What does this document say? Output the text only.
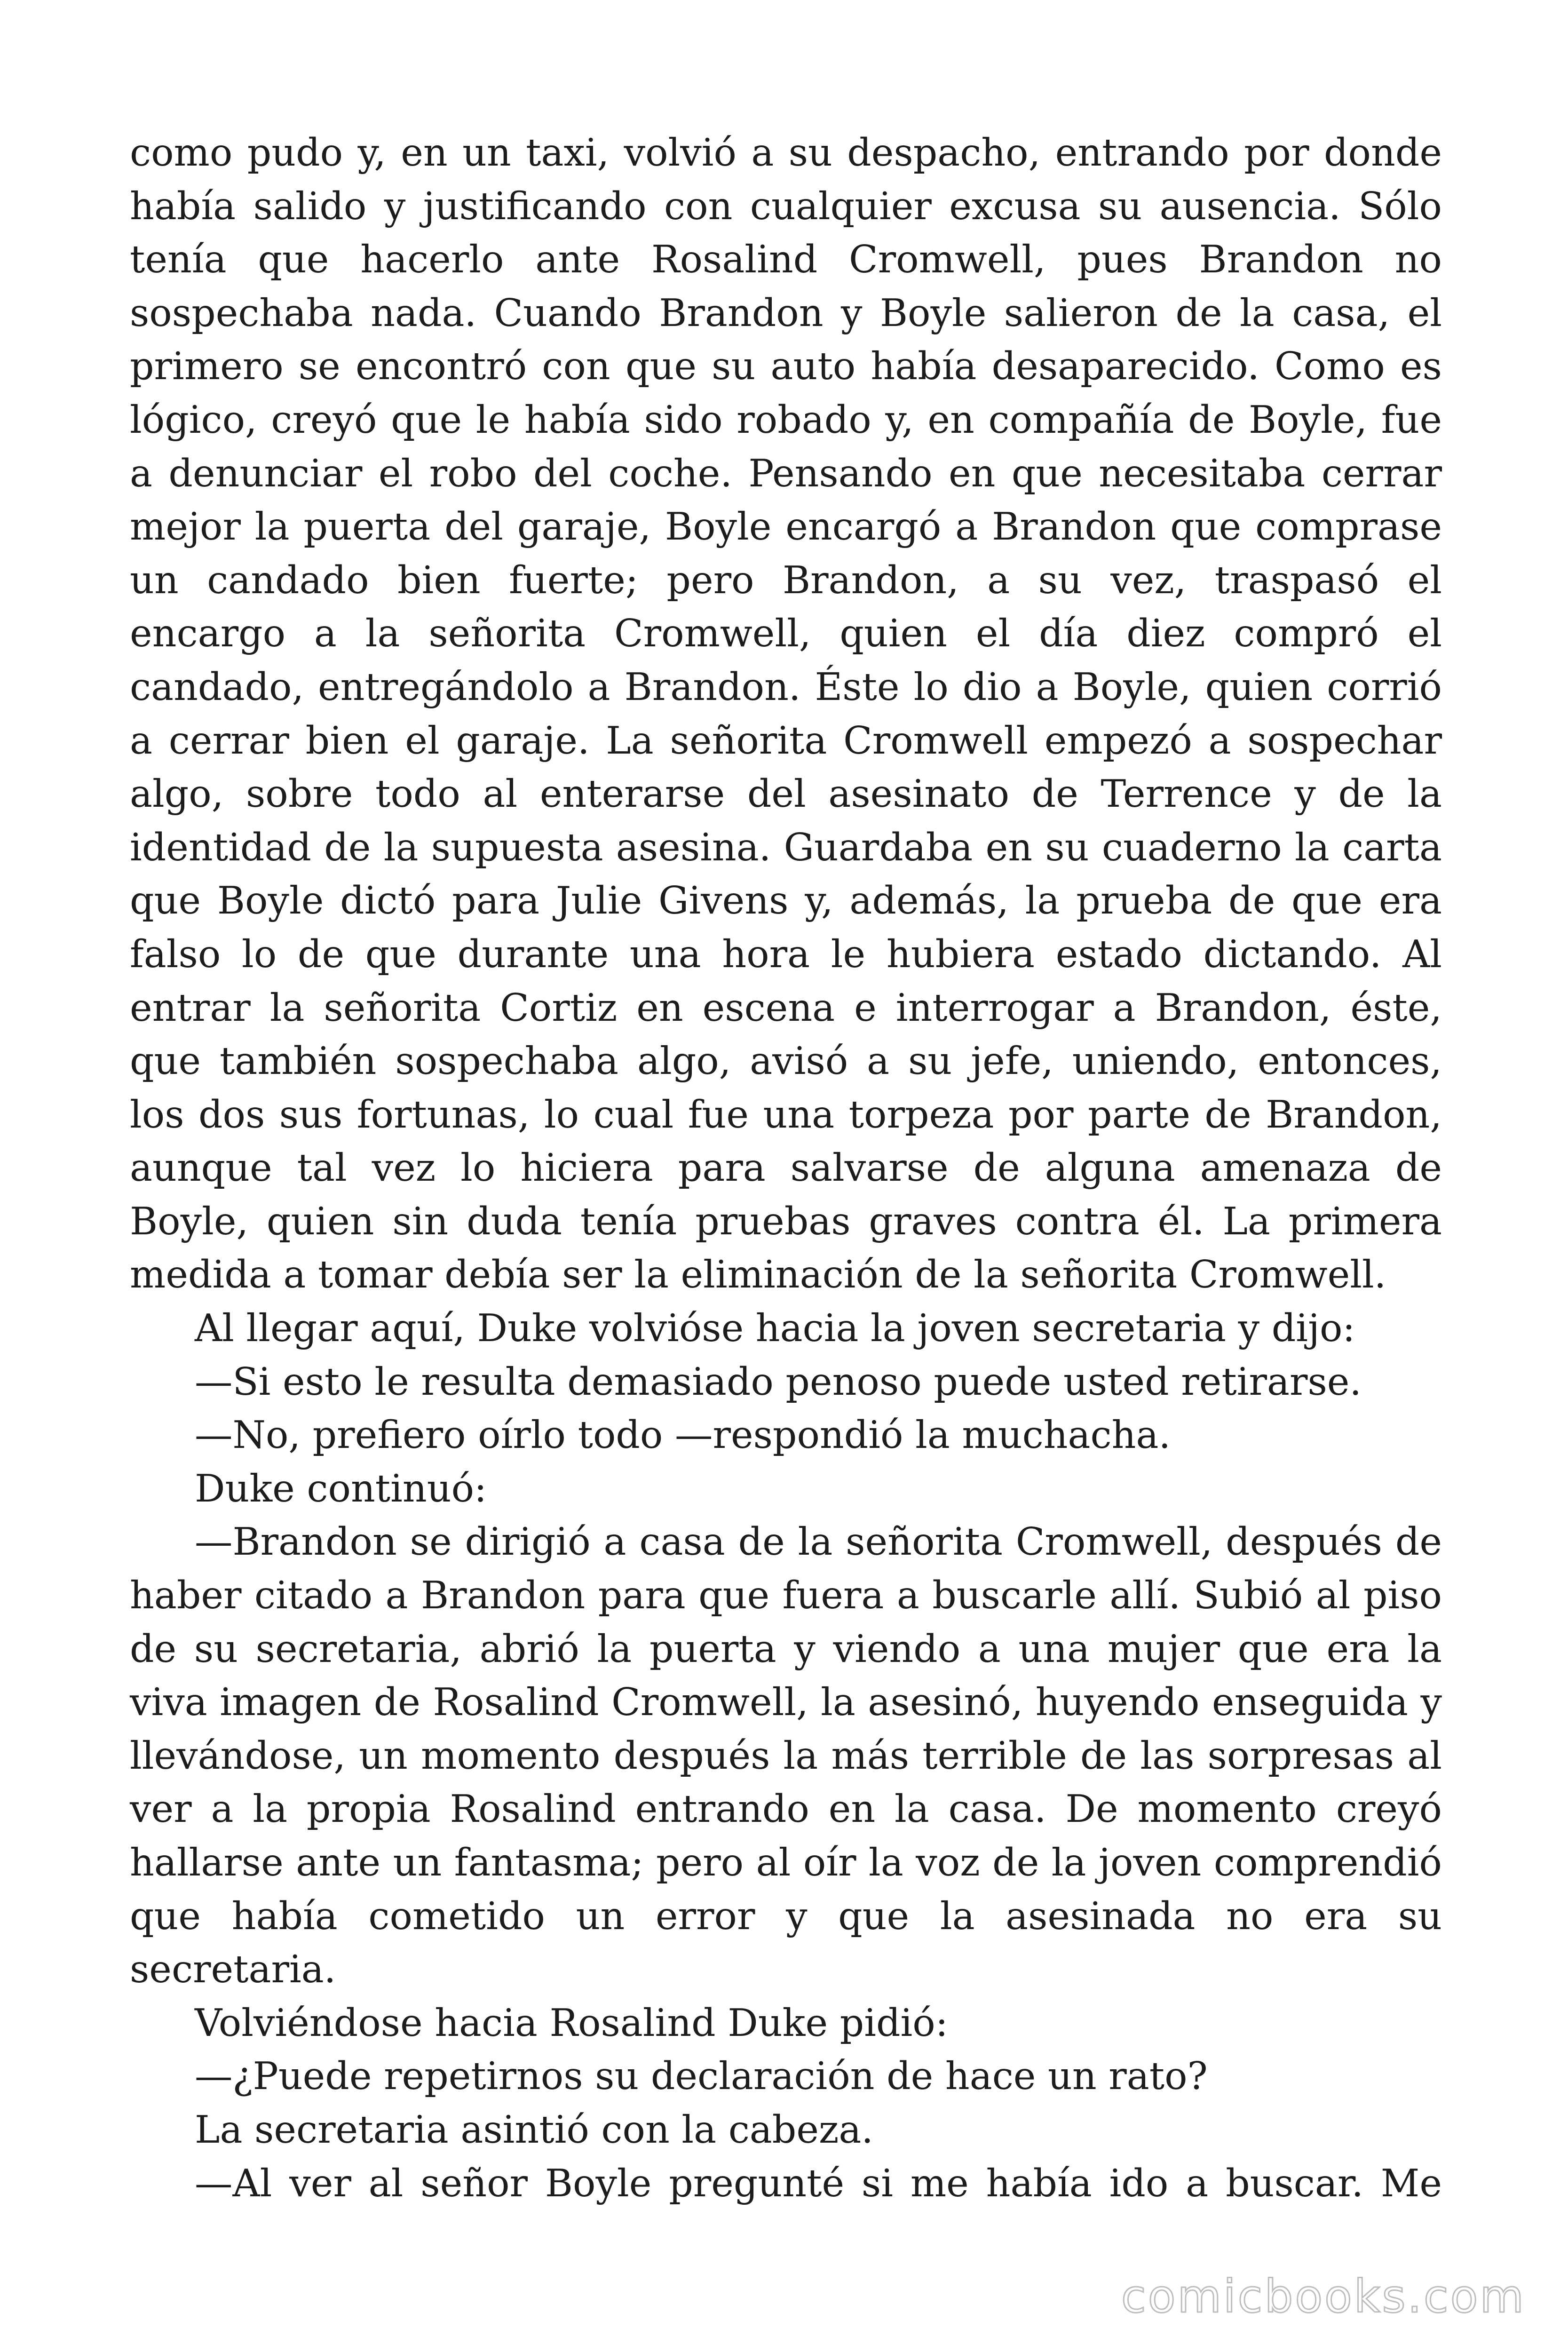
como pudo y, en un taxi, volvió a su despacho, entrando por donde había salido y justificando con cualquier excusa su ausencia. Sólo tenía que hacerlo ante Rosalind Cromwell, pues Brandon no sospechaba nada. Cuando Brandon y Boyle salieron de la casa, el primero se encontró con que su auto había desaparecido. Como es lógico, creyó que le había sido robado y, en compañía de Boyle, fue a denunciar el robo del coche. Pensando en que necesitaba cerrar mejor la puerta del garaje, Boyle encargó a Brandon que comprase un candado bien fuerte; pero Brandon, a su vez, traspasó el encargo a la señorita Cromwell, quien el día diez compró el candado, entregándolo a Brandon. Éste lo dio a Boyle, quien corrió a cerrar bien el garaje. La señorita Cromwell empezó a sospechar algo, sobre todo al enterarse del asesinato de Terrence y de la identidad de la supuesta asesina. Guardaba en su cuaderno la carta que Boyle dictó para Julie Givens y, además, la prueba de que era falso lo de que durante una hora le hubiera estado dictando. Al entrar la señorita Cortiz en escena e interrogar a Brandon, éste, que también sospechaba algo, avisó a su jefe, uniendo, entonces, los dos sus fortunas, lo cual fue una torpeza por parte de Brandon, aunque tal vez lo hiciera para salvarse de alguna amenaza de Boyle, quien sin duda tenía pruebas graves contra él. La primera medida a tomar debía ser la eliminación de la señorita Cromwell.

Al llegar aquí, Duke volvióse hacia la joven secretaria y dijo:

—Si esto le resulta demasiado penoso puede usted retirarse.

—No, prefiero oírlo todo —respondió la muchacha.

Duke continuó:

—Brandon se dirigió a casa de la señorita Cromwell, después de haber citado a Brandon para que fuera a buscarle allí. Subió al piso de su secretaria, abrió la puerta y viendo a una mujer que era la viva imagen de Rosalind Cromwell, la asesinó, huyendo enseguida y llevándose, un momento después la más terrible de las sorpresas al ver a la propia Rosalind entrando en la casa. De momento creyó hallarse ante un fantasma; pero al oír la voz de la joven comprendió que había cometido un error y que la asesinada no era su secretaria.

Volviéndose hacia Rosalind Duke pidió:

—¿Puede repetirnos su declaración de hace un rato?

La secretaria asintió con la cabeza.

—Al ver al señor Boyle pregunté si me había ido a buscar. Me

comicbooks.com
